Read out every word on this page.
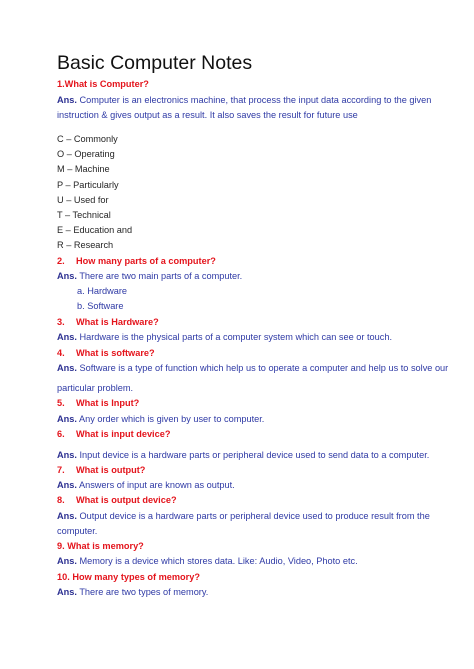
Basic Computer Notes
1.What is Computer?
Ans. Computer is an electronics machine, that process the input data according to the given
instruction & gives output as a result. It also saves the result for future use
C – Commonly
O – Operating
M – Machine
P – Particularly
U – Used for
T – Technical
E – Education and
R – Research
2. How many parts of a computer?
Ans. There are two main parts of a computer.
a. Hardware
b. Software
3. What is Hardware?
Ans. Hardware is the physical parts of a computer system which can see or touch.
4. What is software?
Ans. Software is a type of function which help us to operate a computer and help us to solve our
particular problem.
5. What is Input?
Ans. Any order which is given by user to computer.
6. What is input device?
Ans. Input device is a hardware parts or peripheral device used to send data to a computer.
7. What is output?
Ans. Answers of input are known as output.
8. What is output device?
Ans. Output device is a hardware parts or peripheral device used to produce result from the
computer.
9. What is memory?
Ans. Memory is a device which stores data. Like: Audio, Video, Photo etc.
10. How many types of memory?
Ans. There are two types of memory.
